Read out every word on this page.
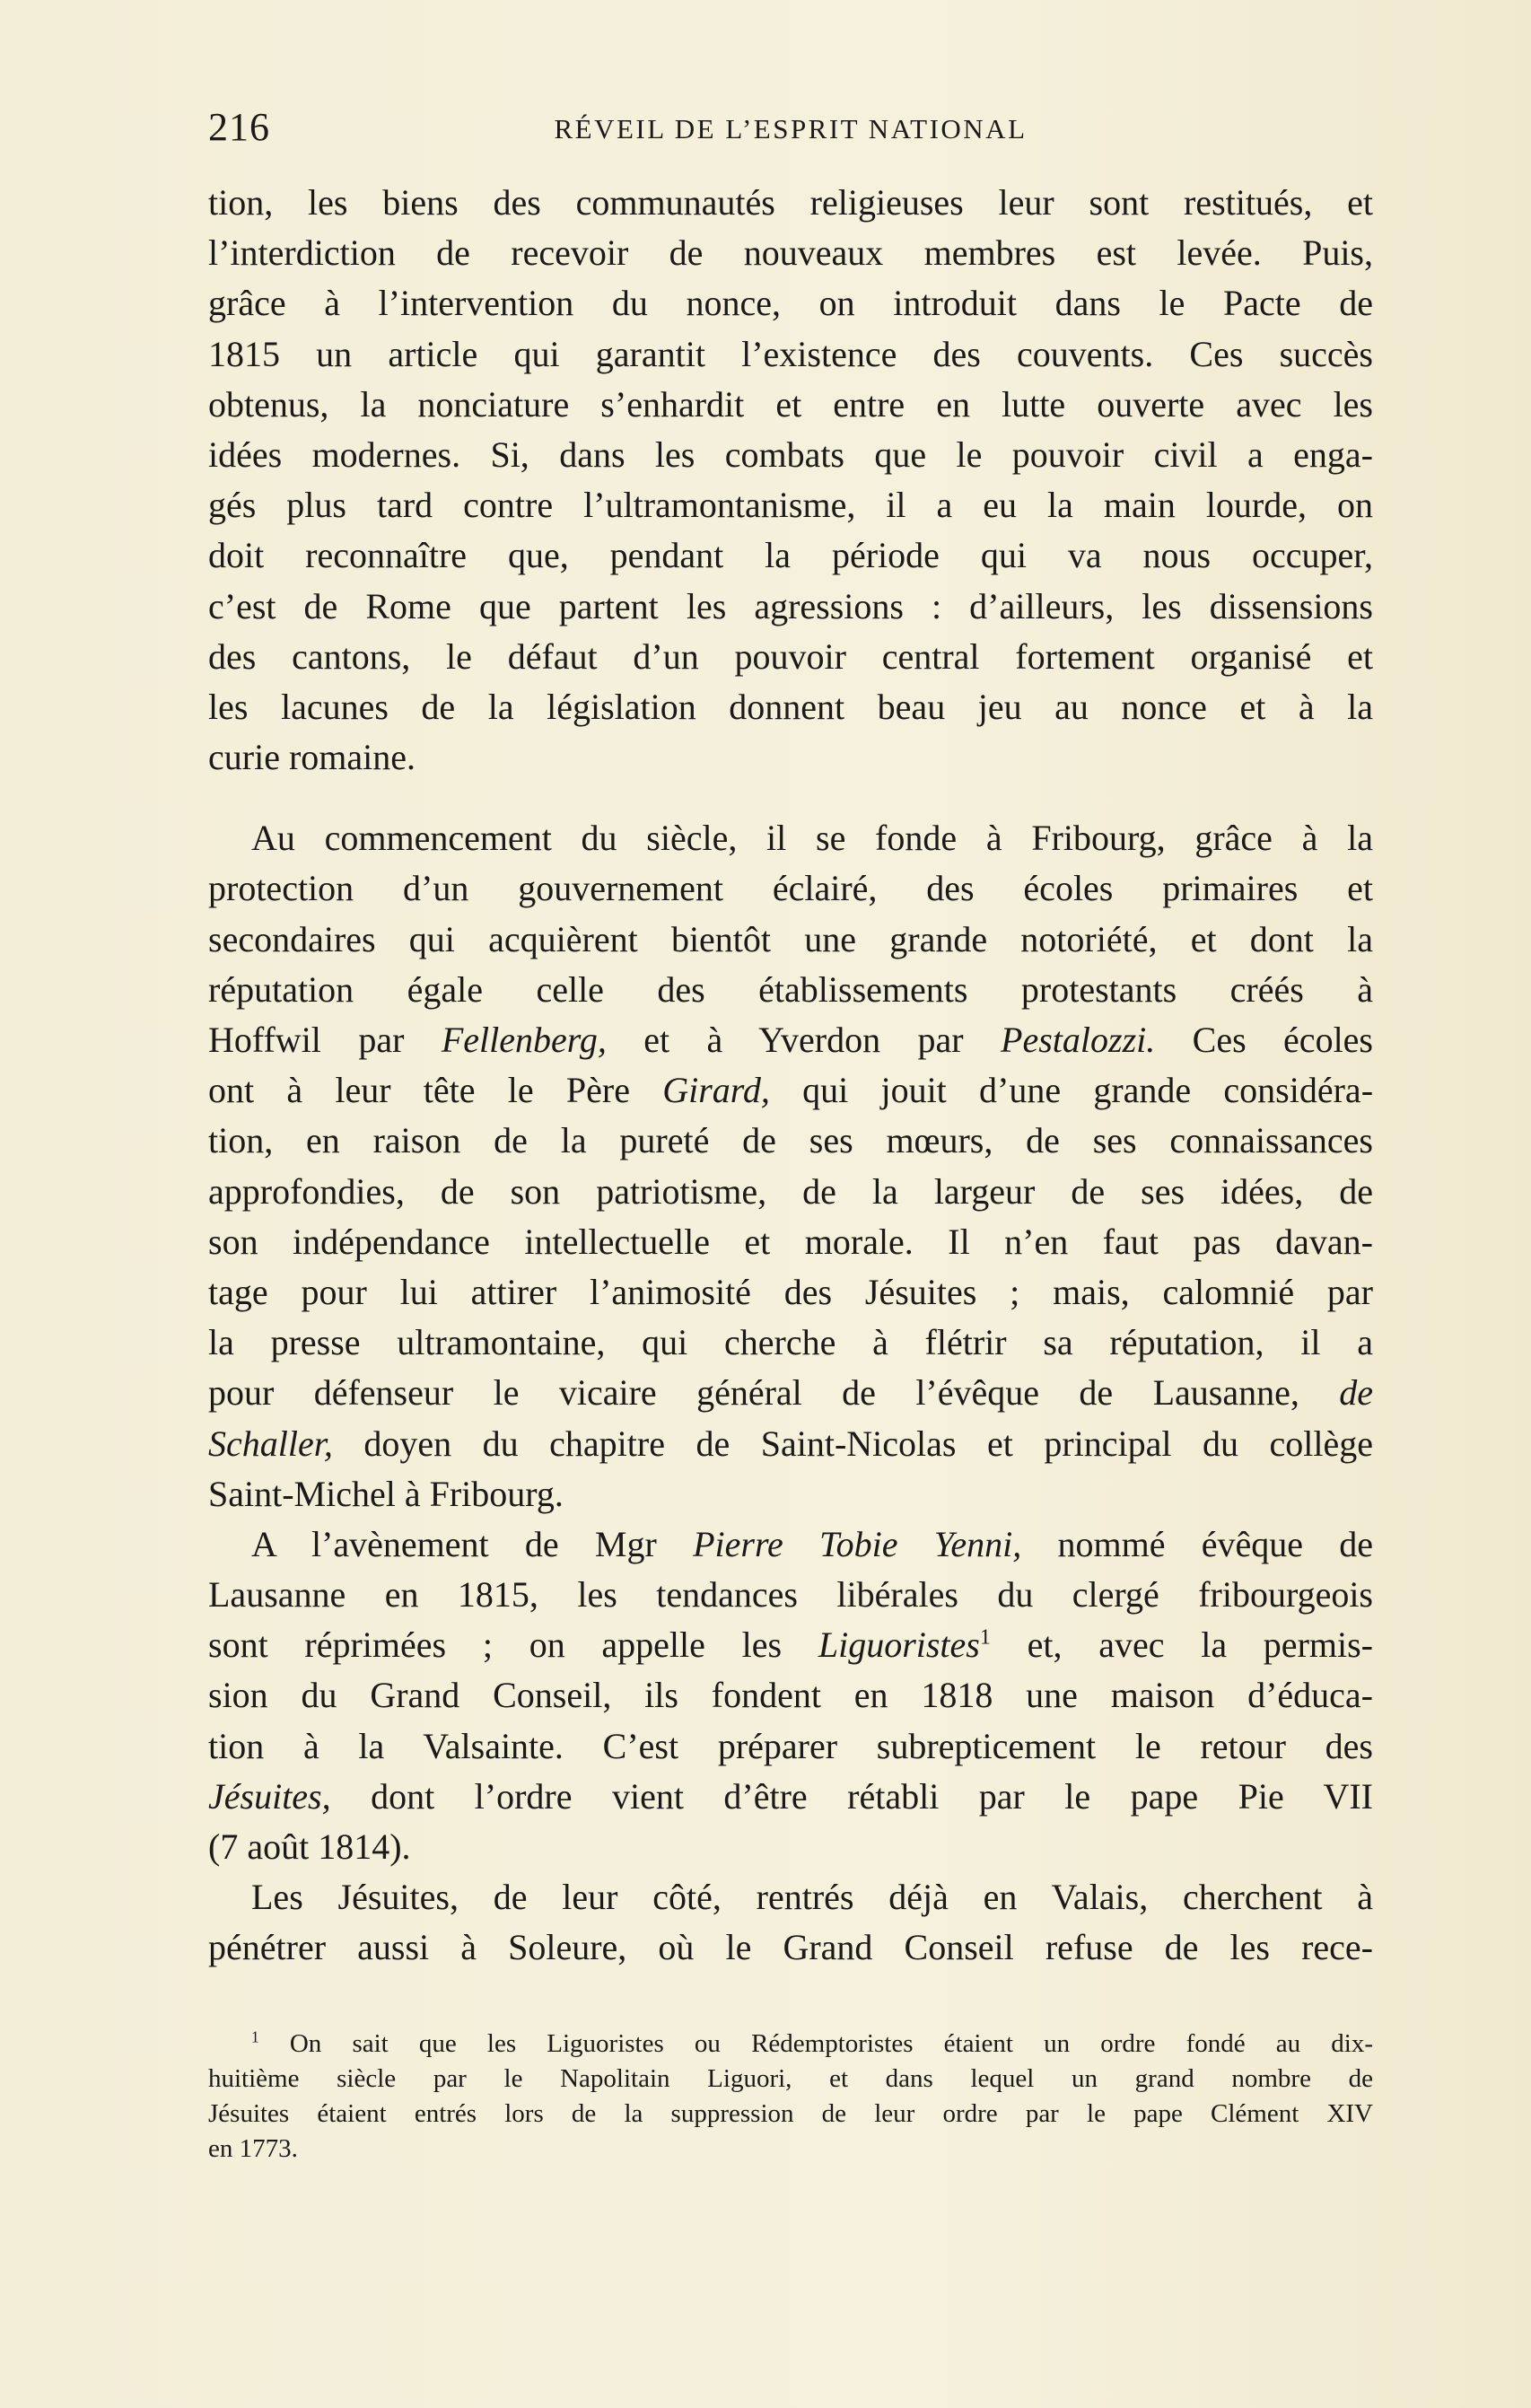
216	RÉVEIL DE L’ESPRIT NATIONAL
tion, les biens des communautés religieuses leur sont restitués, et
l’interdiction de recevoir de nouveaux membres est levée. Puis,
grâce à l’intervention du nonce, on introduit dans le Pacte de
1815 un article qui garantit l’existence des couvents. Ces succès
obtenus, la nonciature s’enhardit et entre en lutte ouverte avec les
idées modernes. Si, dans les combats que le pouvoir civil a enga-
gés plus tard contre l’ultramontanisme, il a eu la main lourde, on
doit reconnaître que, pendant la période qui va nous occuper,
c’est de Rome que partent les agressions : d’ailleurs, les dissensions
des cantons, le défaut d’un pouvoir central fortement organisé et
les lacunes de la législation donnent beau jeu au nonce et à la
curie romaine.
Au commencement du siècle, il se fonde à Fribourg, grâce à la
protection d’un gouvernement éclairé, des écoles primaires et
secondaires qui acquièrent bientôt une grande notoriété, et dont la
réputation égale celle des établissements protestants créés à
Hoffwil par Fellenberg, et à Yverdon par Pestalozzi. Ces écoles
ont à leur tête le Père Girard, qui jouit d’une grande considéra-
tion, en raison de la pureté de ses mœurs, de ses connaissances
approfondies, de son patriotisme, de la largeur de ses idées, de
son indépendance intellectuelle et morale. Il n’en faut pas davan-
tage pour lui attirer l’animosité des Jésuites ; mais, calomnié par
la presse ultramontaine, qui cherche à flétrir sa réputation, il a
pour défenseur le vicaire général de l’évêque de Lausanne, de
Schaller, doyen du chapitre de Saint-Nicolas et principal du collège
Saint-Michel à Fribourg.
A l’avènement de Mgr Pierre Tobie Yenni, nommé évêque de
Lausanne en 1815, les tendances libérales du clergé fribourgeois
sont réprimées ; on appelle les Liguoristes$^1$ et, avec la permis-
sion du Grand Conseil, ils fondent en 1818 une maison d’éduca-
tion à la Valsainte. C’est préparer subrepticement le retour des
Jésuites, dont l’ordre vient d’être rétabli par le pape Pie VII
(7 août 1814).
Les Jésuites, de leur côté, rentrés déjà en Valais, cherchent à
pénétrer aussi à Soleure, où le Grand Conseil refuse de les rece-
$^1$ On sait que les Liguoristes ou Rédemptoristes étaient un ordre fondé au dix-
huitième siècle par le Napolitain Liguori, et dans lequel un grand nombre de
Jésuites étaient entrés lors de la suppression de leur ordre par le pape Clément XIV
en 1773.
